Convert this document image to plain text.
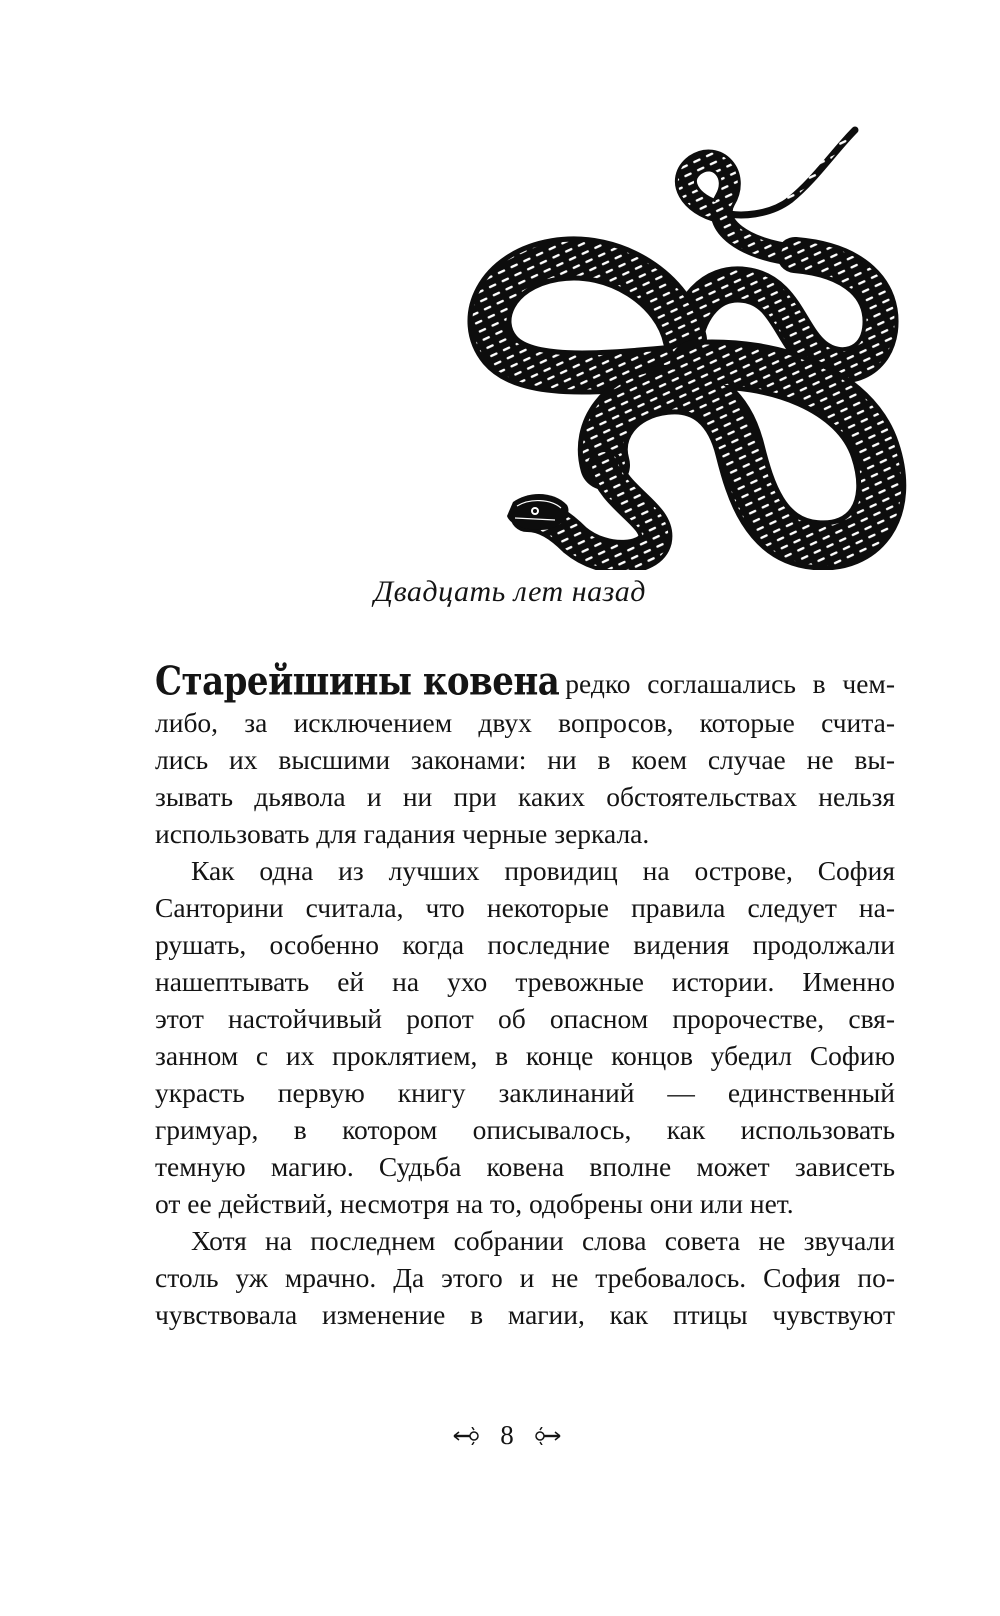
Двадцать лет назад
Старейшины ковена редко соглашались в чем-
либо, за исключением двух вопросов, которые счита-
лись их высшими законами: ни в коем случае не вы-
зывать дьявола и ни при каких обстоятельствах нельзя
использовать для гадания черные зеркала.
Как одна из лучших провидиц на острове, София
Санторини считала, что некоторые правила следует на-
рушать, особенно когда последние видения продолжали
нашептывать ей на ухо тревожные истории. Именно
этот настойчивый ропот об опасном пророчестве, свя-
занном с их проклятием, в конце концов убедил Софию
украсть первую книгу заклинаний — единственный
гримуар, в котором описывалось, как использовать
темную магию. Судьба ковена вполне может зависеть
от ее действий, несмотря на то, одобрены они или нет.
Хотя на последнем собрании слова совета не звучали
столь уж мрачно. Да этого и не требовалось. София по-
чувствовала изменение в магии, как птицы чувствуют
8
